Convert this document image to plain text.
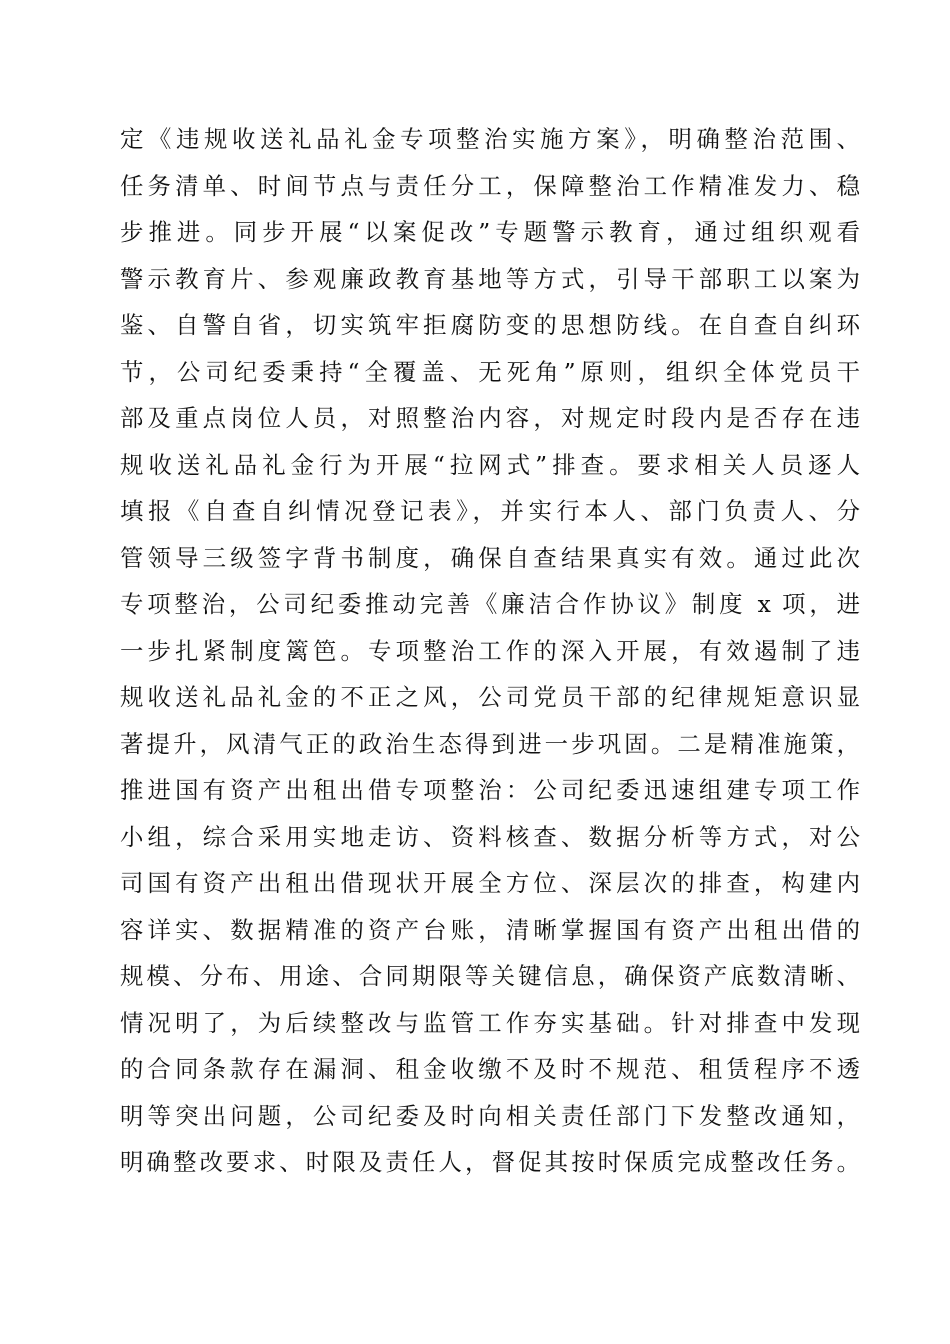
定《违规收送礼品礼金专项整治实施方案》，明确整治范围、
任务清单、时间节点与责任分工，保障整治工作精准发力、稳
步推进。同步开展“以案促改”专题警示教育，通过组织观看
警示教育片、参观廉政教育基地等方式，引导干部职工以案为
鉴、自警自省，切实筑牢拒腐防变的思想防线。在自查自纠环
节，公司纪委秉持“全覆盖、无死角”原则，组织全体党员干
部及重点岗位人员，对照整治内容，对规定时段内是否存在违
规收送礼品礼金行为开展“拉网式”排查。要求相关人员逐人
填报《自查自纠情况登记表》，并实行本人、部门负责人、分
管领导三级签字背书制度，确保自查结果真实有效。通过此次
专项整治，公司纪委推动完善《廉洁合作协议》制度 x 项，进
一步扎紧制度篱笆。专项整治工作的深入开展，有效遏制了违
规收送礼品礼金的不正之风，公司党员干部的纪律规矩意识显
著提升，风清气正的政治生态得到进一步巩固。二是精准施策，
推进国有资产出租出借专项整治：公司纪委迅速组建专项工作
小组，综合采用实地走访、资料核查、数据分析等方式，对公
司国有资产出租出借现状开展全方位、深层次的排查，构建内
容详实、数据精准的资产台账，清晰掌握国有资产出租出借的
规模、分布、用途、合同期限等关键信息，确保资产底数清晰、
情况明了，为后续整改与监管工作夯实基础。针对排查中发现
的合同条款存在漏洞、租金收缴不及时不规范、租赁程序不透
明等突出问题，公司纪委及时向相关责任部门下发整改通知，
明确整改要求、时限及责任人，督促其按时保质完成整改任务。
